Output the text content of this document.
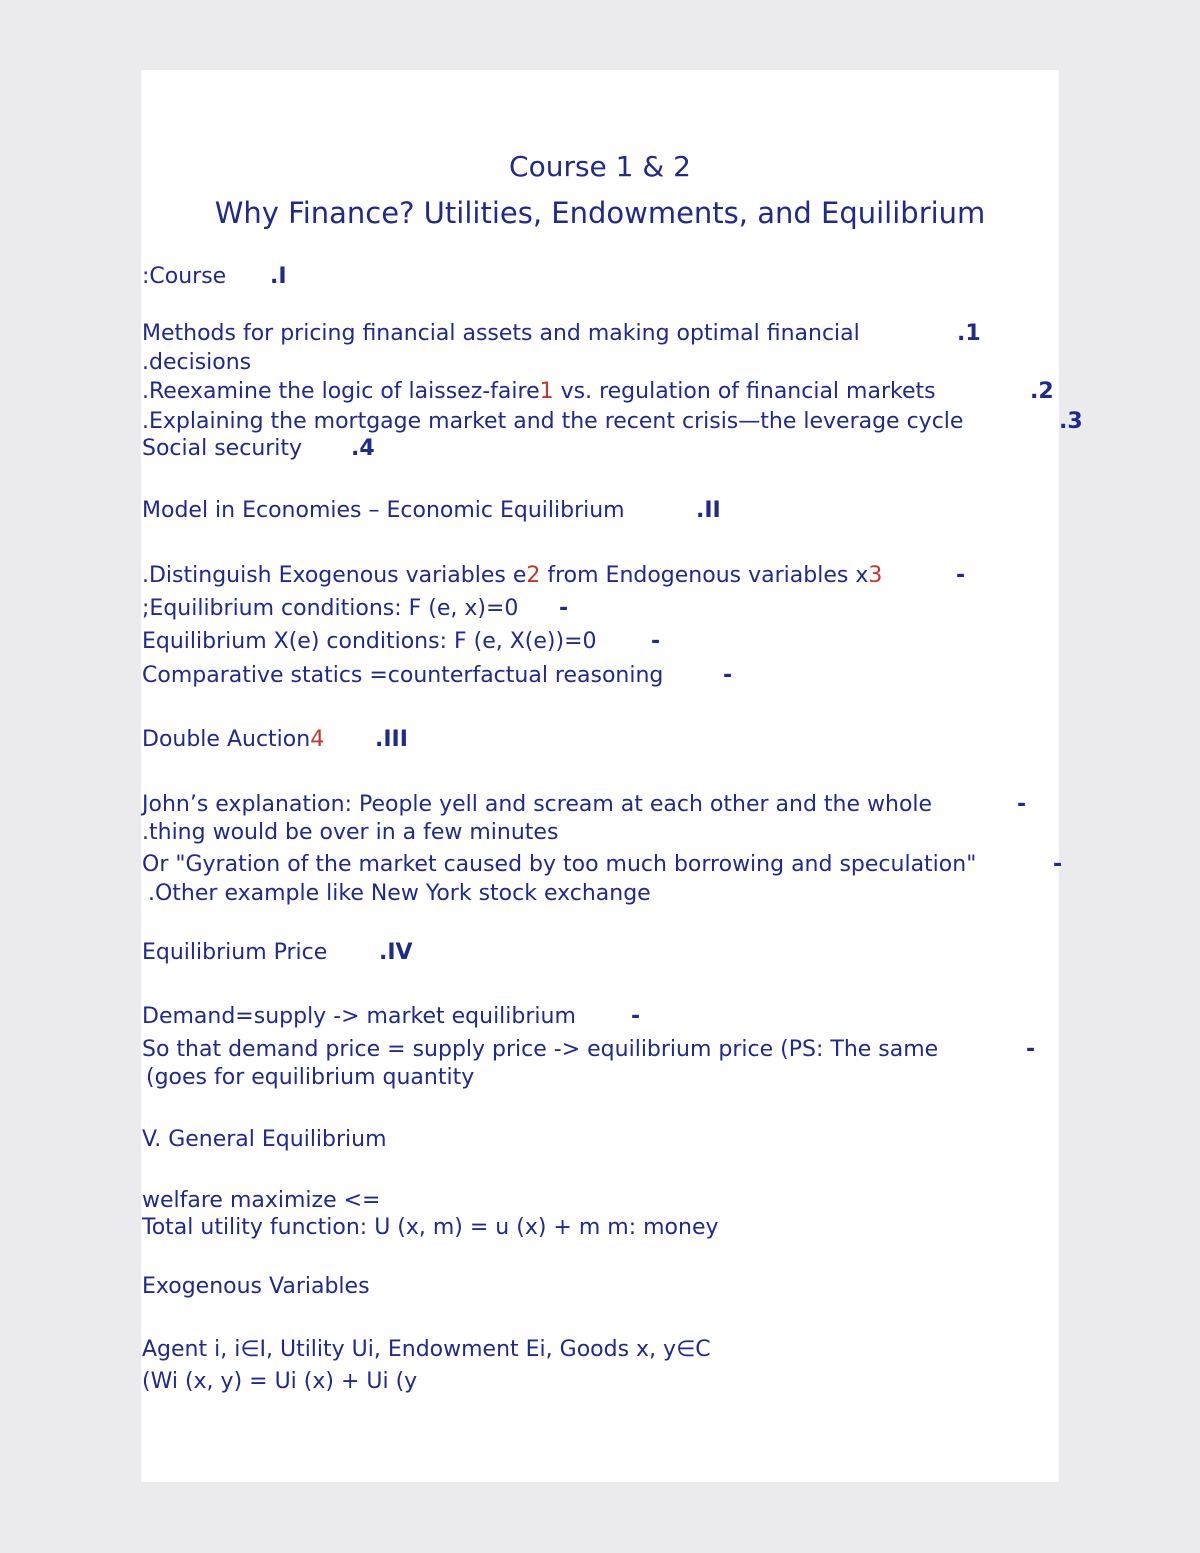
Course 1 & 2
Why Finance? Utilities, Endowments, and Equilibrium
:Course .I
Methods for pricing financial assets and making optimal financial	.1
.decisions
.Reexamine the logic of laissez-faire1 vs. regulation of financial markets	.2
.Explaining the mortgage market and the recent crisis—the leverage cycle	.3
Social security .4
Model in Economies – Economic Equilibrium	.II
.Distinguish Exogenous variables e2 from Endogenous variables x3	-
;Equilibrium conditions: F (e, x)=0 -
Equilibrium X(e) conditions: F (e, X(e))=0 -
Comparative statics =counterfactual reasoning	-
Double Auction4 .III
John’s explanation: People yell and scream at each other and the whole	-
.thing would be over in a few minutes
Or "Gyration of the market caused by too much borrowing and speculation"	-
.Other example like New York stock exchange
Equilibrium Price .IV
Demand=supply -> market equilibrium	-
So that demand price = supply price -> equilibrium price (PS: The same	-
(goes for equilibrium quantity
V. General Equilibrium
welfare maximize <=
Total utility function: U (x, m) = u (x) + m m: money
Exogenous Variables
Agent i, i∈I, Utility Ui, Endowment Ei, Goods x, y∈C
(Wi (x, y) = Ui (x) + Ui (y
